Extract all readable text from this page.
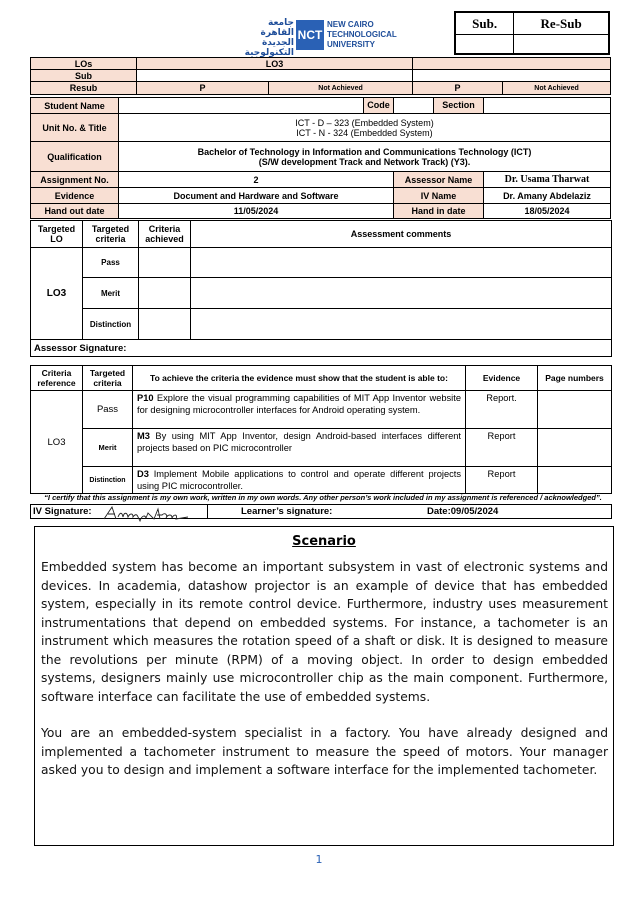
جامعة
القاهرة الجديدة
التكنولوجية
NCT
NEW CAIRO
TECHNOLOGICAL
UNIVERSITY
Sub.	Re-Sub

LOs	LO3			
Sub				
Resub	P	Not Achieved	P	Not Achieved
Student Name	Code	Section	

Unit No. & Title	ICT - D – 323 (Embedded System)
ICT - N - 324 (Embedded System)		

Qualification	Bachelor of Technology in Information and Communications Technology (ICT)
(S/W development Track and Network Track) (Y3).		

Assignment No.	2	Assessor Name	Dr. Usama Tharwat
Evidence	Document and Hardware and Software	IV Name	Dr. Amany Abdelaziz
Hand out date	11/05/2024	Hand in date	18/05/2024
Targeted LO	Targeted criteria	Criteria achieved	Assessment comments
LO3	Pass		
	Merit		
	Distinction		
Assessor Signature:			
Criteria reference	Targeted criteria	To achieve the criteria the evidence must show that the student is able to:	Evidence	Page numbers
LO3	Pass	P10 Explore the visual programming capabilities of MIT App Inventor website for designing microcontroller interfaces for Android operating system.	Report.	
	Merit	M3 By using MIT App Inventor, design Android-based interfaces different projects based on PIC microcontroller	Report	
	Distinction	D3 Implement Mobile applications to control and operate different projects using PIC microcontroller.	Report	
“I certify that this assignment is my own work, written in my own words. Any other person’s work included in my assignment is referenced / acknowledged”.
IV Signature:	Learner’s signature:	Date:09/05/2024
Scenario

Embedded system has become an important subsystem in vast of electronic systems and devices. In academia, datashow projector is an example of device that has embedded system, especially in its remote control device. Furthermore, industry uses measurement instrumentations that depend on embedded systems. For instance, a tachometer is an instrument which measures the rotation speed of a shaft or disk. It is designed to measure the revolutions per minute (RPM) of a moving object. In order to design embedded systems, designers mainly use microcontroller chip as the main component. Furthermore, software interface can facilitate the use of embedded systems.

You are an embedded-system specialist in a factory. You have already designed and implemented a tachometer instrument to measure the speed of motors. Your manager asked you to design and implement a software interface for the implemented tachometer.

1
